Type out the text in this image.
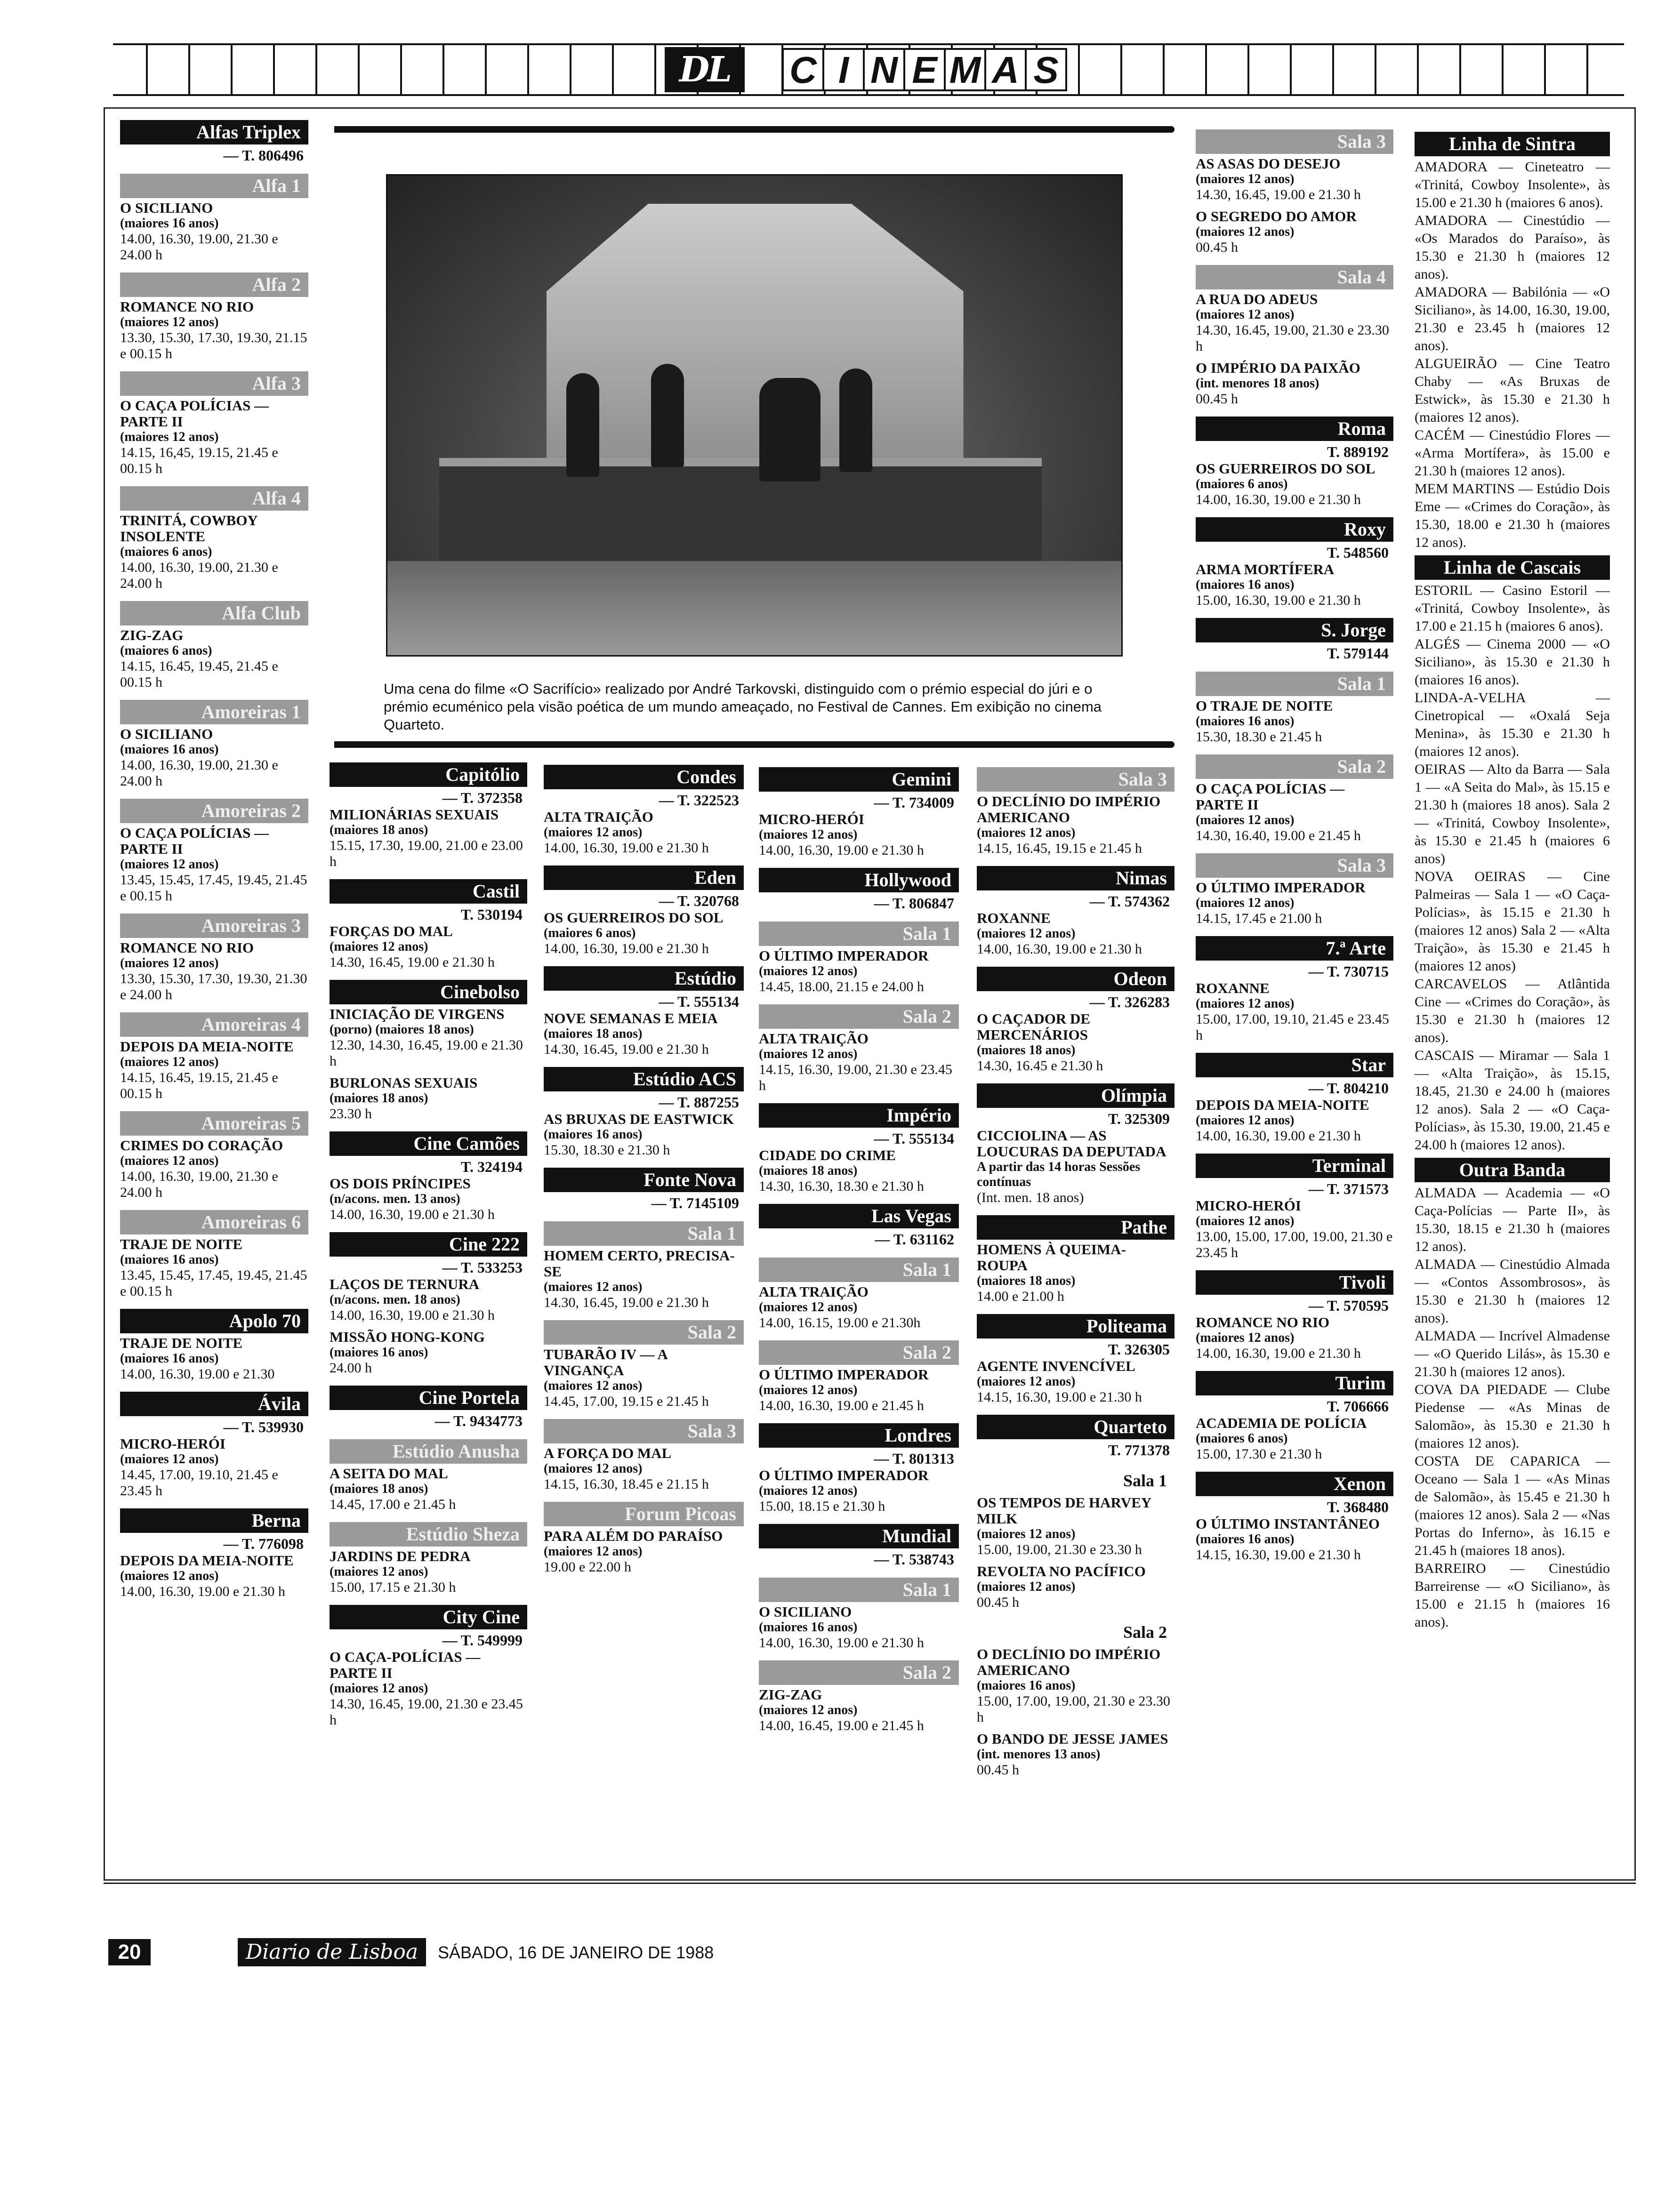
DL	C I N E M A S
Uma cena do filme «O Sacrifício» realizado por André Tarkovski, distinguido com o prémio especial do júri e o prémio ecuménico pela visão poética de um mundo ameaçado, no Festival de Cannes. Em exibição no cinema Quarteto.
Alfas Triplex
— T. 806496
Alfa 1
O SICILIANO
(maiores 16 anos)
14.00, 16.30, 19.00, 21.30 e 24.00 h
Alfa 2
ROMANCE NO RIO
(maiores 12 anos)
13.30, 15.30, 17.30, 19.30, 21.15 e 00.15 h
Alfa 3
O CAÇA POLÍCIAS — PARTE II
(maiores 12 anos)
14.15, 16,45, 19.15, 21.45 e 00.15 h
Alfa 4
TRINITÁ, COWBOY INSOLENTE
(maiores 6 anos)
14.00, 16.30, 19.00, 21.30 e 24.00 h
Alfa Club
ZIG-ZAG
(maiores 6 anos)
14.15, 16.45, 19.45, 21.45 e 00.15 h
Amoreiras 1
O SICILIANO
(maiores 16 anos)
14.00, 16.30, 19.00, 21.30 e 24.00 h
Amoreiras 2
O CAÇA POLÍCIAS — PARTE II
(maiores 12 anos)
13.45, 15.45, 17.45, 19.45, 21.45 e 00.15 h
Amoreiras 3
ROMANCE NO RIO
(maiores 12 anos)
13.30, 15.30, 17.30, 19.30, 21.30 e 24.00 h
Amoreiras 4
DEPOIS DA MEIA-NOITE
(maiores 12 anos)
14.15, 16.45, 19.15, 21.45 e 00.15 h
Amoreiras 5
CRIMES DO CORAÇÃO
(maiores 12 anos)
14.00, 16.30, 19.00, 21.30 e 24.00 h
Amoreiras 6
TRAJE DE NOITE
(maiores 16 anos)
13.45, 15.45, 17.45, 19.45, 21.45 e 00.15 h
Apolo 70
TRAJE DE NOITE
(maiores 16 anos)
14.00, 16.30, 19.00 e 21.30
Ávila
— T. 539930
MICRO-HERÓI
(maiores 12 anos)
14.45, 17.00, 19.10, 21.45 e 23.45 h
Berna
— T. 776098
DEPOIS DA MEIA-NOITE
(maiores 12 anos)
14.00, 16.30, 19.00 e 21.30 h
Capitólio
— T. 372358
MILIONÁRIAS SEXUAIS
(maiores 18 anos)
15.15, 17.30, 19.00, 21.00 e 23.00 h
Castil
T. 530194
FORÇAS DO MAL
(maiores 12 anos)
14.30, 16.45, 19.00 e 21.30 h
Cinebolso
INICIAÇÃO DE VIRGENS
(porno) (maiores 18 anos)
12.30, 14.30, 16.45, 19.00 e 21.30 h
BURLONAS SEXUAIS
(maiores 18 anos)
23.30 h
Cine Camões
T. 324194
OS DOIS PRÍNCIPES
(n/acons. men. 13 anos)
14.00, 16.30, 19.00 e 21.30 h
Cine 222
— T. 533253
LAÇOS DE TERNURA
(n/acons. men. 18 anos)
14.00, 16.30, 19.00 e 21.30 h
MISSÃO HONG-KONG
(maiores 16 anos)
24.00 h
Cine Portela
— T. 9434773
Estúdio Anusha
A SEITA DO MAL
(maiores 18 anos)
14.45, 17.00 e 21.45 h
Estúdio Sheza
JARDINS DE PEDRA
(maiores 12 anos)
15.00, 17.15 e 21.30 h
City Cine
— T. 549999
O CAÇA-POLÍCIAS — PARTE II
(maiores 12 anos)
14.30, 16.45, 19.00, 21.30 e 23.45 h
Condes
— T. 322523
ALTA TRAIÇÃO
(maiores 12 anos)
14.00, 16.30, 19.00 e 21.30 h
Eden
— T. 320768
OS GUERREIROS DO SOL
(maiores 6 anos)
14.00, 16.30, 19.00 e 21.30 h
Estúdio
— T. 555134
NOVE SEMANAS E MEIA
(maiores 18 anos)
14.30, 16.45, 19.00 e 21.30 h
Estúdio ACS
— T. 887255
AS BRUXAS DE EASTWICK
(maiores 16 anos)
15.30, 18.30 e 21.30 h
Fonte Nova
— T. 7145109
Sala 1
HOMEM CERTO, PRECISA-SE
(maiores 12 anos)
14.30, 16.45, 19.00 e 21.30 h
Sala 2
TUBARÃO IV — A VINGANÇA
(maiores 12 anos)
14.45, 17.00, 19.15 e 21.45 h
Sala 3
A FORÇA DO MAL
(maiores 12 anos)
14.15, 16.30, 18.45 e 21.15 h
Forum Picoas
PARA ALÉM DO PARAÍSO
(maiores 12 anos)
19.00 e 22.00 h
Gemini
— T. 734009
MICRO-HERÓI
(maiores 12 anos)
14.00, 16.30, 19.00 e 21.30 h
Hollywood
— T. 806847
Sala 1
O ÚLTIMO IMPERADOR
(maiores 12 anos)
14.45, 18.00, 21.15 e 24.00 h
Sala 2
ALTA TRAIÇÃO
(maiores 12 anos)
14.15, 16.30, 19.00, 21.30 e 23.45 h
Império
— T. 555134
CIDADE DO CRIME
(maiores 18 anos)
14.30, 16.30, 18.30 e 21.30 h
Las Vegas
— T. 631162
Sala 1
ALTA TRAIÇÃO
(maiores 12 anos)
14.00, 16.15, 19.00 e 21.30h
Sala 2
O ÚLTIMO IMPERADOR
(maiores 12 anos)
14.00, 16.30, 19.00 e 21.45 h
Londres
— T. 801313
O ÚLTIMO IMPERADOR
(maiores 12 anos)
15.00, 18.15 e 21.30 h
Mundial
— T. 538743
Sala 1
O SICILIANO
(maiores 16 anos)
14.00, 16.30, 19.00 e 21.30 h
Sala 2
ZIG-ZAG
(maiores 12 anos)
14.00, 16.45, 19.00 e 21.45 h
Sala 3
O DECLÍNIO DO IMPÉRIO AMERICANO
(maiores 12 anos)
14.15, 16.45, 19.15 e 21.45 h
Nimas
— T. 574362
ROXANNE
(maiores 12 anos)
14.00, 16.30, 19.00 e 21.30 h
Odeon
— T. 326283
O CAÇADOR DE MERCENÁRIOS
(maiores 18 anos)
14.30, 16.45 e 21.30 h
Olímpia
T. 325309
CICCIOLINA — AS LOUCURAS DA DEPUTADA
A partir das 14 horas Sessões contínuas
(Int. men. 18 anos)
Pathe
HOMENS À QUEIMA-ROUPA
(maiores 18 anos)
14.00 e 21.00 h
Politeama
T. 326305
AGENTE INVENCÍVEL
(maiores 12 anos)
14.15, 16.30, 19.00 e 21.30 h
Quarteto
T. 771378
Sala 1
OS TEMPOS DE HARVEY MILK
(maiores 12 anos)
15.00, 19.00, 21.30 e 23.30 h
REVOLTA NO PACÍFICO
(maiores 12 anos)
00.45 h
Sala 2
O DECLÍNIO DO IMPÉRIO AMERICANO
(maiores 16 anos)
15.00, 17.00, 19.00, 21.30 e 23.30 h
O BANDO DE JESSE JAMES
(int. menores 13 anos)
00.45 h
Sala 3
AS ASAS DO DESEJO
(maiores 12 anos)
14.30, 16.45, 19.00 e 21.30 h
O SEGREDO DO AMOR
(maiores 12 anos)
00.45 h
Sala 4
A RUA DO ADEUS
(maiores 12 anos)
14.30, 16.45, 19.00, 21.30 e 23.30 h
O IMPÉRIO DA PAIXÃO
(int. menores 18 anos)
00.45 h
Roma
T. 889192
OS GUERREIROS DO SOL
(maiores 6 anos)
14.00, 16.30, 19.00 e 21.30 h
Roxy
T. 548560
ARMA MORTÍFERA
(maiores 16 anos)
15.00, 16.30, 19.00 e 21.30 h
S. Jorge
T. 579144
Sala 1
O TRAJE DE NOITE
(maiores 16 anos)
15.30, 18.30 e 21.45 h
Sala 2
O CAÇA POLÍCIAS — PARTE II
(maiores 12 anos)
14.30, 16.40, 19.00 e 21.45 h
Sala 3
O ÚLTIMO IMPERADOR
(maiores 12 anos)
14.15, 17.45 e 21.00 h
7.ª Arte
— T. 730715
ROXANNE
(maiores 12 anos)
15.00, 17.00, 19.10, 21.45 e 23.45 h
Star
— T. 804210
DEPOIS DA MEIA-NOITE
(maiores 12 anos)
14.00, 16.30, 19.00 e 21.30 h
Terminal
— T. 371573
MICRO-HERÓI
(maiores 12 anos)
13.00, 15.00, 17.00, 19.00, 21.30 e 23.45 h
Tivoli
— T. 570595
ROMANCE NO RIO
(maiores 12 anos)
14.00, 16.30, 19.00 e 21.30 h
Turim
T. 706666
ACADEMIA DE POLÍCIA
(maiores 6 anos)
15.00, 17.30 e 21.30 h
Xenon
T. 368480
O ÚLTIMO INSTANTÂNEO
(maiores 16 anos)
14.15, 16.30, 19.00 e 21.30 h
Linha de Sintra

AMADORA — Cineteatro — «Trinitá, Cowboy Insolente», às 15.00 e 21.30 h (maiores 6 anos).

AMADORA — Cinestúdio — «Os Marados do Paraíso», às 15.30 e 21.30 h (maiores 12 anos).

AMADORA — Babilónia — «O Siciliano», às 14.00, 16.30, 19.00, 21.30 e 23.45 h (maiores 12 anos).

ALGUEIRÃO — Cine Teatro Chaby — «As Bruxas de Estwick», às 15.30 e 21.30 h (maiores 12 anos).

CACÉM — Cinestúdio Flores — «Arma Mortífera», às 15.00 e 21.30 h (maiores 12 anos).

MEM MARTINS — Estúdio Dois Eme — «Crimes do Coração», às 15.30, 18.00 e 21.30 h (maiores 12 anos).

Linha de Cascais

ESTORIL — Casino Estoril — «Trinitá, Cowboy Insolente», às 17.00 e 21.15 h (maiores 6 anos).

ALGÉS — Cinema 2000 — «O Siciliano», às 15.30 e 21.30 h (maiores 16 anos).

LINDA-A-VELHA — Cinetropical — «Oxalá Seja Menina», às 15.30 e 21.30 h (maiores 12 anos).

OEIRAS — Alto da Barra — Sala 1 — «A Seita do Mal», às 15.15 e 21.30 h (maiores 18 anos). Sala 2 — «Trinitá, Cowboy Insolente», às 15.30 e 21.45 h (maiores 6 anos)

NOVA OEIRAS — Cine Palmeiras — Sala 1 — «O Caça-Polícias», às 15.15 e 21.30 h (maiores 12 anos) Sala 2 — «Alta Traição», às 15.30 e 21.45 h (maiores 12 anos)

CARCAVELOS — Atlântida Cine — «Crimes do Coração», às 15.30 e 21.30 h (maiores 12 anos).

CASCAIS — Miramar — Sala 1 — «Alta Traição», às 15.15, 18.45, 21.30 e 24.00 h (maiores 12 anos). Sala 2 — «O Caça-Polícias», às 15.30, 19.00, 21.45 e 24.00 h (maiores 12 anos).

Outra Banda

ALMADA — Academia — «O Caça-Polícias — Parte II», às 15.30, 18.15 e 21.30 h (maiores 12 anos).

ALMADA — Cinestúdio Almada — «Contos Assombrosos», às 15.30 e 21.30 h (maiores 12 anos).

ALMADA — Incrível Almadense — «O Querido Lilás», às 15.30 e 21.30 h (maiores 12 anos).

COVA DA PIEDADE — Clube Piedense — «As Minas de Salomão», às 15.30 e 21.30 h (maiores 12 anos).

COSTA DE CAPARICA — Oceano — Sala 1 — «As Minas de Salomão», às 15.45 e 21.30 h (maiores 12 anos). Sala 2 — «Nas Portas do Inferno», às 16.15 e 21.45 h (maiores 18 anos).

BARREIRO — Cinestúdio Barreirense — «O Siciliano», às 15.00 e 21.15 h (maiores 16 anos).

20	Diario de Lisboa	SÁBADO, 16 DE JANEIRO DE 1988
